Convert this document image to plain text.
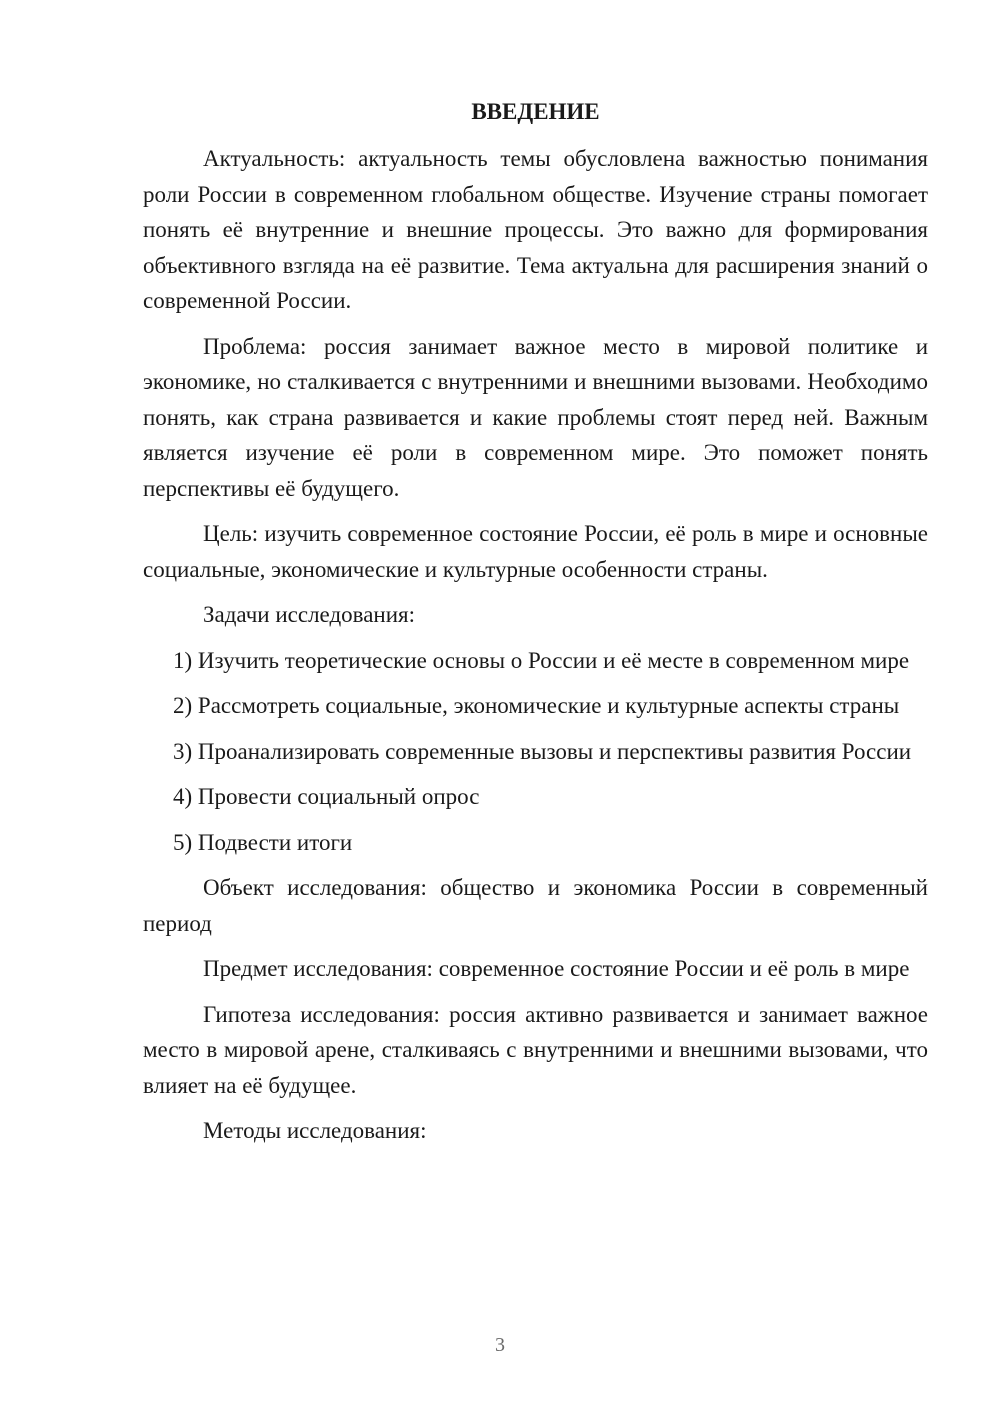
ВВЕДЕНИЕ

Актуальность: актуальность темы обусловлена важностью понимания роли России в современном глобальном обществе. Изучение страны помогает понять её внутренние и внешние процессы. Это важно для формирования объективного взгляда на её развитие. Тема актуальна для расширения знаний о современной России.

Проблема: россия занимает важное место в мировой политике и экономике, но сталкивается с внутренними и внешними вызовами. Необходимо понять, как страна развивается и какие проблемы стоят перед ней. Важным является изучение её роли в современном мире. Это поможет понять перспективы её будущего.

Цель: изучить современное состояние России, её роль в мире и основные социальные, экономические и культурные особенности страны.

Задачи исследования:

1) Изучить теоретические основы о России и её месте в современном мире

2) Рассмотреть социальные, экономические и культурные аспекты страны

3) Проанализировать современные вызовы и перспективы развития России

4) Провести социальный опрос

5) Подвести итоги

Объект исследования: общество и экономика России в современный период

Предмет исследования: современное состояние России и её роль в мире

Гипотеза исследования: россия активно развивается и занимает важное место в мировой арене, сталкиваясь с внутренними и внешними вызовами, что влияет на её будущее.

Методы исследования:

3
